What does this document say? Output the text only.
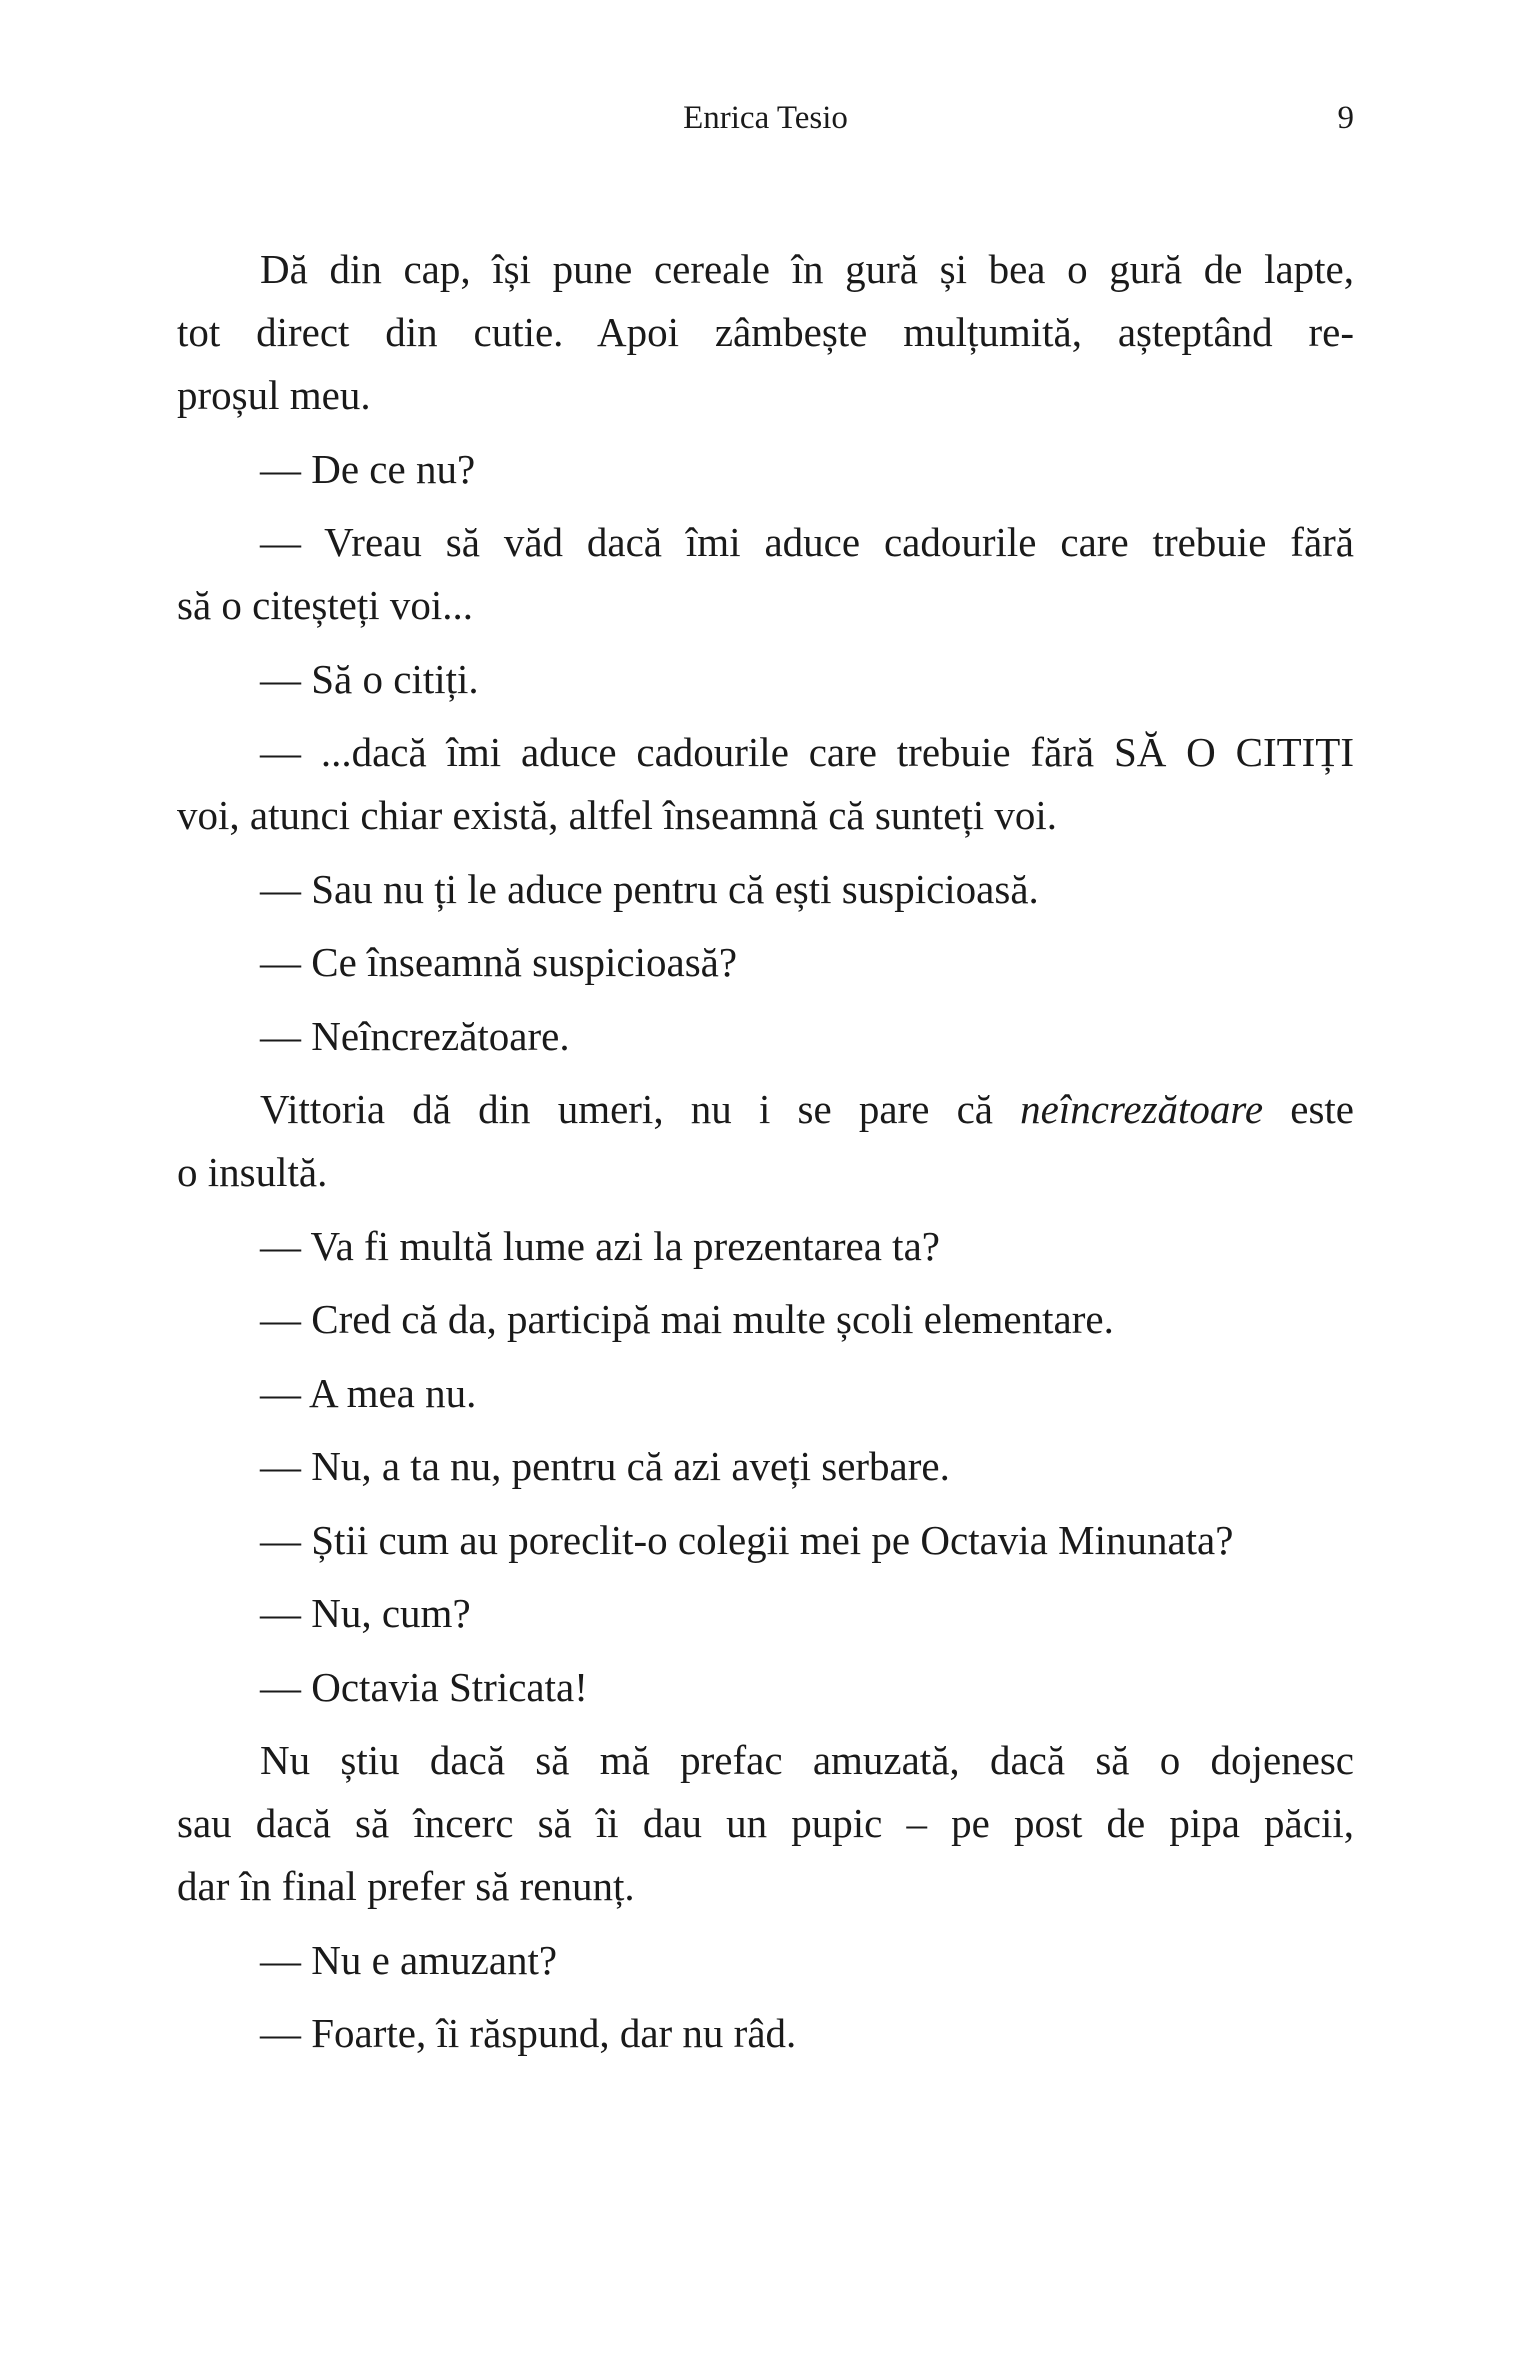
Enrica Tesio	9

Dă din cap, își pune cereale în gură și bea o gură de lapte,
tot direct din cutie. Apoi zâmbește mulțumită, așteptând re-
proșul meu.

— De ce nu?

— Vreau să văd dacă îmi aduce cadourile care trebuie fără
să o citeșteți voi...

— Să o citiți.

— ...dacă îmi aduce cadourile care trebuie fără SĂ O CITIȚI
voi, atunci chiar există, altfel înseamnă că sunteți voi.

— Sau nu ți le aduce pentru că ești suspicioasă.

— Ce înseamnă suspicioasă?

— Neîncrezătoare.

Vittoria dă din umeri, nu i se pare că neîncrezătoare este
o insultă.

— Va fi multă lume azi la prezentarea ta?

— Cred că da, participă mai multe școli elementare.

— A mea nu.

— Nu, a ta nu, pentru că azi aveți serbare.

— Știi cum au poreclit-o colegii mei pe Octavia Minunata?

— Nu, cum?

— Octavia Stricata!

Nu știu dacă să mă prefac amuzată, dacă să o dojenesc
sau dacă să încerc să îi dau un pupic – pe post de pipa păcii,
dar în final prefer să renunț.

— Nu e amuzant?

— Foarte, îi răspund, dar nu râd.
